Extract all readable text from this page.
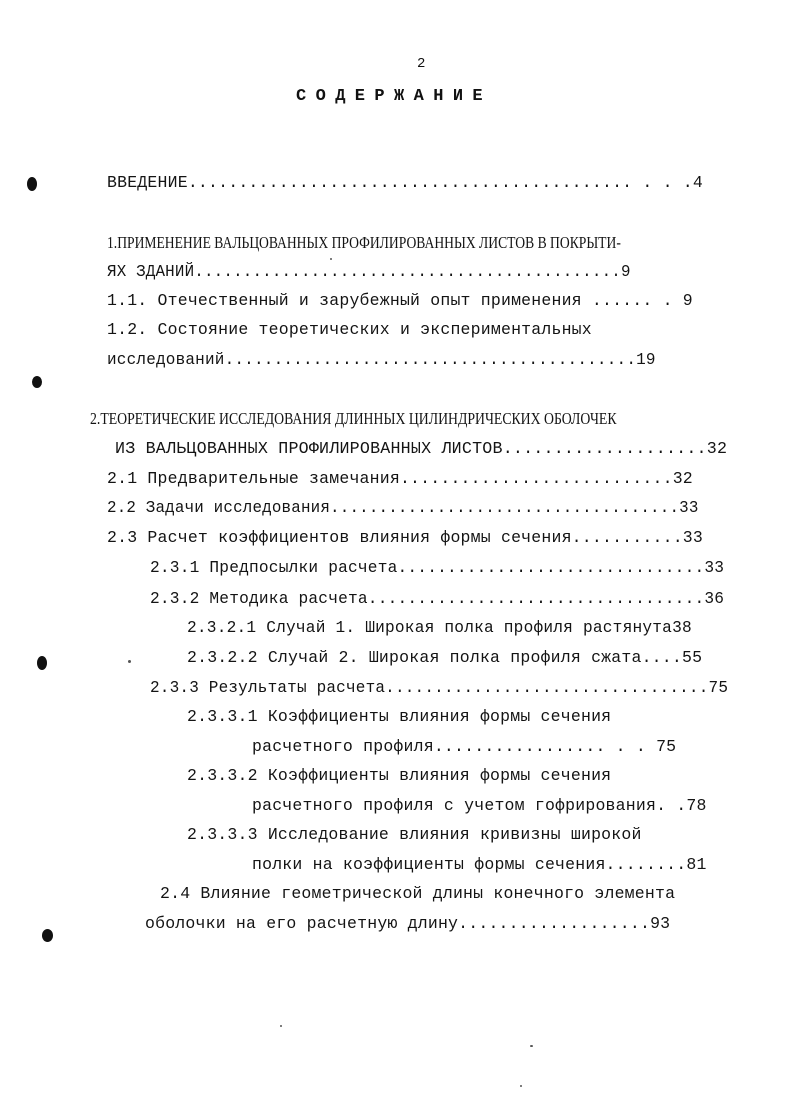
2
СОДЕРЖАНИЕ
ВВЕДЕНИЕ............................................ . . .4
1.ПРИМЕНЕНИЕ ВАЛЬЦОВАННЫХ ПРОФИЛИРОВАННЫХ ЛИСТОВ В ПОКРЫТИ-
ЯХ ЗДАНИЙ............................................9
1.1. Отечественный и зарубежный опыт применения ...... . 9
1.2. Состояние теоретических и экспериментальных
исследований..........................................19
2.ТЕОРЕТИЧЕСКИЕ ИССЛЕДОВАНИЯ ДЛИННЫХ ЦИЛИНДРИЧЕСКИХ ОБОЛОЧЕК
ИЗ ВАЛЬЦОВАННЫХ ПРОФИЛИРОВАННЫХ ЛИСТОВ....................32
2.1 Предварительные замечания...........................32
2.2 Задачи исследования....................................33
2.3 Расчет коэффициентов влияния формы сечения...........33
2.3.1 Предпосылки расчета...............................33
2.3.2 Методика расчета..................................36
2.3.2.1 Случай 1. Широкая полка профиля растянута38
2.3.2.2 Случай 2. Широкая полка профиля сжата....55
2.3.3 Результаты расчета.................................75
2.3.3.1 Коэффициенты влияния формы сечения
расчетного профиля................. . . 75
2.3.3.2 Коэффициенты влияния формы сечения
расчетного профиля с учетом гофрирования. .78
2.3.3.3 Исследование влияния кривизны широкой
полки на коэффициенты формы сечения........81
2.4 Влияние геометрической длины конечного элемента
оболочки на его расчетную длину...................93
